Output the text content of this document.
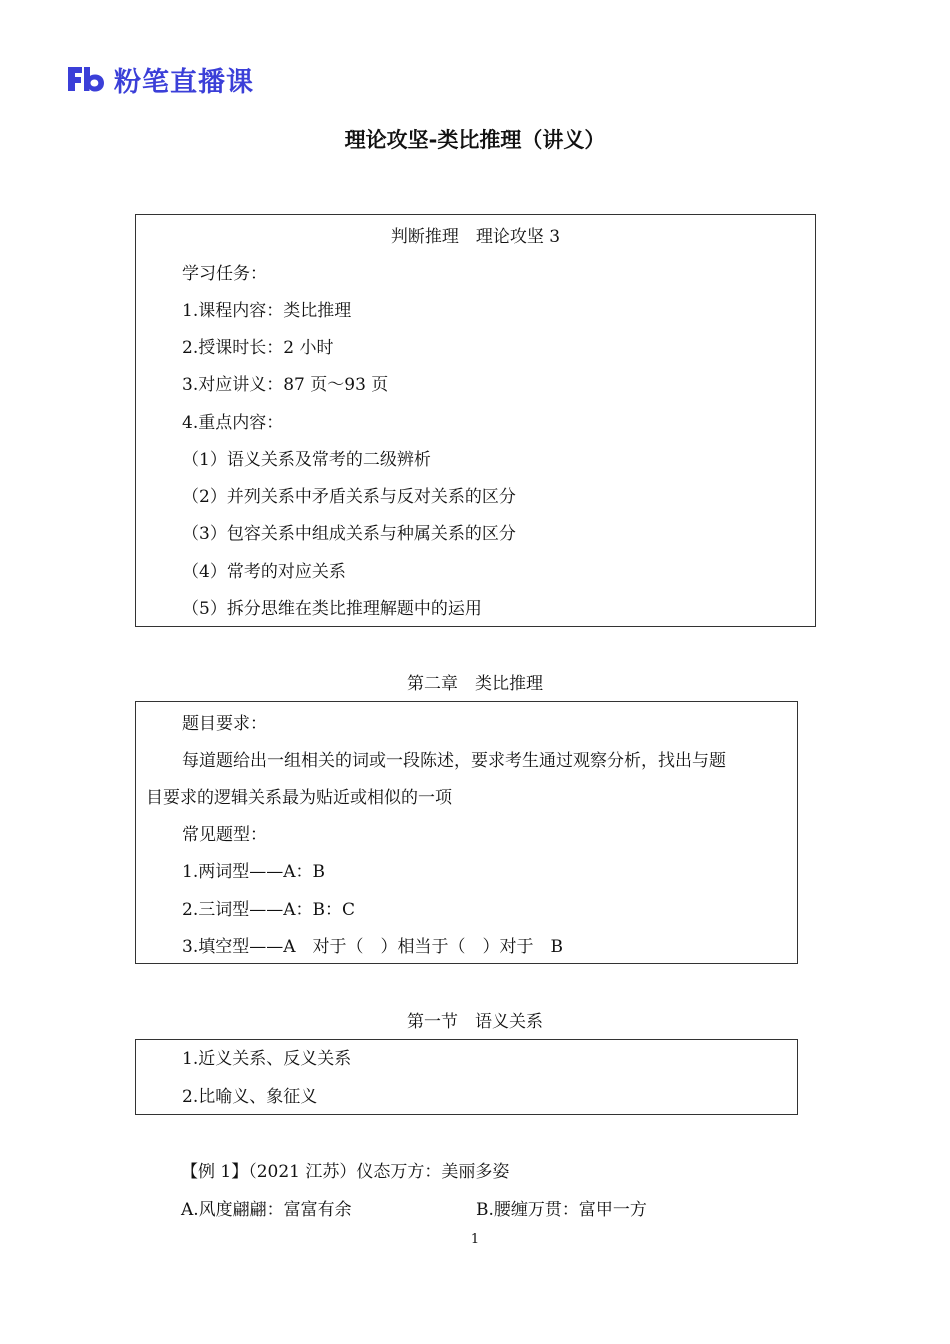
粉笔直播课
理论攻坚-类比推理（讲义）
判断推理　理论攻坚 3
学习任务：
1.课程内容：类比推理
2.授课时长：2 小时
3.对应讲义：87 页～93 页
4.重点内容：
（1）语义关系及常考的二级辨析
（2）并列关系中矛盾关系与反对关系的区分
（3）包容关系中组成关系与种属关系的区分
（4）常考的对应关系
（5）拆分思维在类比推理解题中的运用
第二章　类比推理
题目要求：
每道题给出一组相关的词或一段陈述，要求考生通过观察分析，找出与题
目要求的逻辑关系最为贴近或相似的一项
常见题型：
1.两词型——A：B
2.三词型——A：B：C
3.填空型——A　对于（　）相当于（　）对于　B
第一节　语义关系
1.近义关系、反义关系
2.比喻义、象征义
【例 1】（2021 江苏）仪态万方：美丽多姿
A.风度翩翩：富富有余	B.腰缠万贯：富甲一方
1
